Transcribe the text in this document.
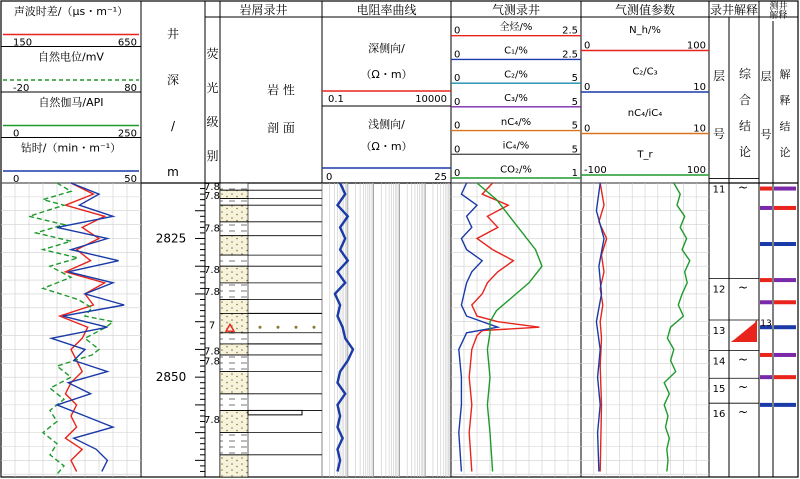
声波时差/（μs・m⁻¹）
150	650
自然电位/mV
-20	80
自然伽马/API
0	250
钻时/（min・m⁻¹）
0	50
井
深
/
m
岩屑录井
荧
光
级
别
岩 性
剖 面
电阻率曲线
深侧向/
（Ω・m）
0.1	10000
浅侧向/
（Ω・m）
0	25
气测录井
全烃/%
0	2.5
C₁/%
0	2.5
C₂/%
0	5
C₃/%
0	5
nC₄/%
0	5
iC₄/%
0	5
CO₂/%
0	1
气测值参数
N_h/%
0	100
C₂/C₃
0	10
nC₄/iC₄
0	10
T_r
-100	100
录井解释
层
号
综
合
结
论
测井
解释
层
号
解
释
结
论
2825
2850
7.8
7.8
7.8
7.8
7.8
7
7.8
7.8
7.8
11 ~
12 ~
13
14 ~
15 ~
16 ~
13
